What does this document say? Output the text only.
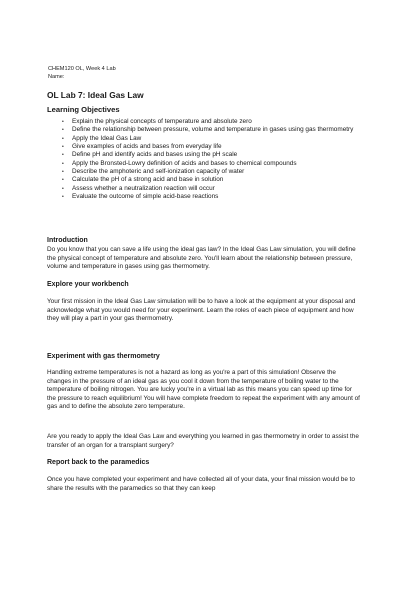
CHEM120 OL, Week 4 Lab
Name:
OL Lab 7: Ideal Gas Law
Learning Objectives
• Explain the physical concepts of temperature and absolute zero
• Define the relationship between pressure, volume and temperature in gases using gas thermometry
• Apply the Ideal Gas Law
• Give examples of acids and bases from everyday life
• Define pH and identify acids and bases using the pH scale
• Apply the Bronsted-Lowry definition of acids and bases to chemical compounds
• Describe the amphoteric and self-ionization capacity of water
• Calculate the pH of a strong acid and base in solution
• Assess whether a neutralization reaction will occur
• Evaluate the outcome of simple acid-base reactions
Introduction

Do you know that you can save a life using the ideal gas law? In the Ideal Gas Law simulation, you will define the physical concept of temperature and absolute zero. You'll learn about the relationship between pressure, volume and temperature in gases using gas thermometry.

Explore your workbench

Your first mission in the Ideal Gas Law simulation will be to have a look at the equipment at your disposal and acknowledge what you would need for your experiment. Learn the roles of each piece of equipment and how they will play a part in your gas thermometry.

Experiment with gas thermometry

Handling extreme temperatures is not a hazard as long as you're a part of this simulation! Observe the changes in the pressure of an ideal gas as you cool it down from the temperature of boiling water to the temperature of boiling nitrogen. You are lucky you're in a virtual lab as this means you can speed up time for the pressure to reach equilibrium! You will have complete freedom to repeat the experiment with any amount of gas and to define the absolute zero temperature.

Are you ready to apply the Ideal Gas Law and everything you learned in gas thermometry in order to assist the transfer of an organ for a transplant surgery?

Report back to the paramedics

Once you have completed your experiment and have collected all of your data, your final mission would be to share the results with the paramedics so that they can keep
